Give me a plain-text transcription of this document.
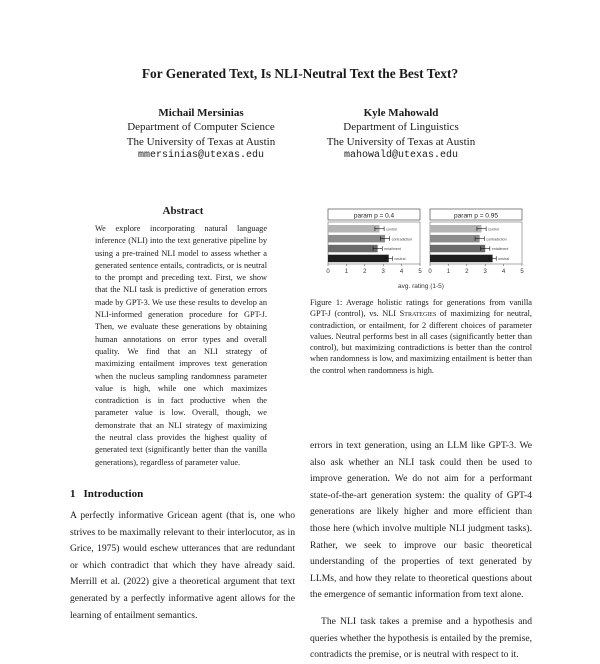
For Generated Text, Is NLI-Neutral Text the Best Text?
Michail Mersinias
Department of Computer Science
The University of Texas at Austin
mmersinias@utexas.edu
Kyle Mahowald
Department of Linguistics
The University of Texas at Austin
mahowald@utexas.edu
Abstract

We explore incorporating natural language inference (NLI) into the text generative pipeline by using a pre-trained NLI model to assess whether a generated sentence entails, contradicts, or is neutral to the prompt and preceding text. First, we show that the NLI task is predictive of generation errors made by GPT-3. We use these results to develop an NLI-informed generation procedure for GPT-J. Then, we evaluate these generations by obtaining human annotations on error types and overall quality. We find that an NLI strategy of maximizing entailment improves text generation when the nucleus sampling randomness parameter value is high, while one which maximizes contradiction is in fact productive when the parameter value is low. Overall, though, we demonstrate that an NLI strategy of maximizing the neutral class provides the highest quality of generated text (significantly better than the vanilla generations), regardless of parameter value.

1 Introduction

A perfectly informative Gricean agent (that is, one who strives to be maximally relevant to their interlocutor, as in Grice, 1975) would eschew utterances that are redundant or which contradict that which they have already said. Merrill et al. (2022) give a theoretical argument that text generated by a perfectly informative agent allows for the learning of entailment semantics.

param p = 0.4
control
contradiction
entailment
neutral
0	1	2	3	4	5
param p = 0.95
control
contradiction
entailment
neutral
0	1	2	3	4	5
avg. rating (1-5)

Figure 1: Average holistic ratings for generations from vanilla GPT-J (control), vs. NLI Strategies of maximizing for neutral, contradiction, or entailment, for 2 different choices of parameter values. Neutral performs best in all cases (significantly better than control), but maximizing contradictions is better than the control when randomness is low, and maximizing entailment is better than the control when randomness is high.

errors in text generation, using an LLM like GPT-3. We also ask whether an NLI task could then be used to improve generation. We do not aim for a performant state-of-the-art generation system: the quality of GPT-4 generations are likely higher and more efficient than those here (which involve multiple NLI judgment tasks). Rather, we seek to improve our basic theoretical understanding of the properties of text generated by LLMs, and how they relate to theoretical questions about the emergence of semantic information from text alone.

The NLI task takes a premise and a hypothesis and queries whether the hypothesis is entailed by the premise, contradicts the premise, or is neutral with respect to it.
